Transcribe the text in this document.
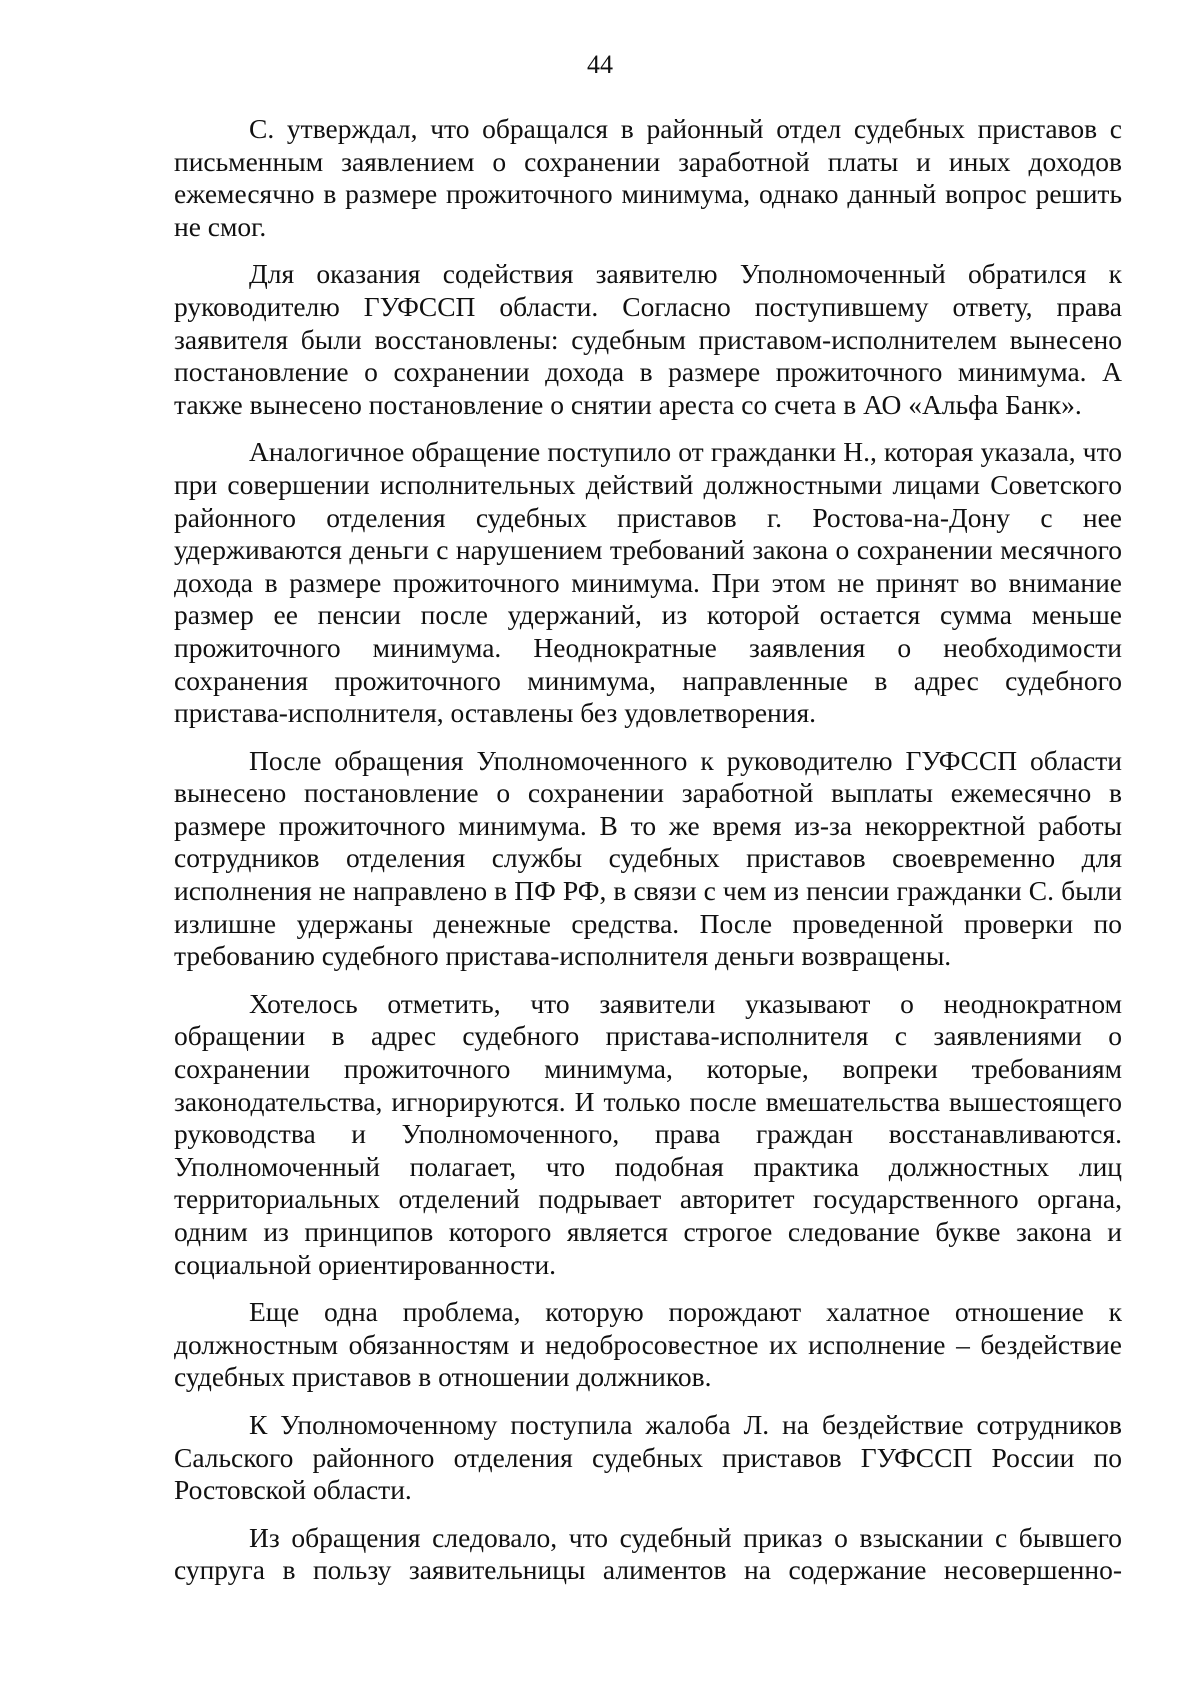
44

С. утверждал, что обращался в районный отдел судебных приставов с письменным заявлением о сохранении заработной платы и иных доходов ежемесячно в размере прожиточного минимума, однако данный вопрос решить не смог.

Для оказания содействия заявителю Уполномоченный обратился к руководителю ГУФССП области. Согласно поступившему ответу, права заявителя были восстановлены: судебным приставом-исполнителем вынесено постановление о сохранении дохода в размере прожиточного минимума. А также вынесено постановление о снятии ареста со счета в АО «Альфа Банк».

Аналогичное обращение поступило от гражданки Н., которая указала, что при совершении исполнительных действий должностными лицами Советского районного отделения судебных приставов г. Ростова-на-Дону с нее удерживаются деньги с нарушением требований закона о сохранении месячного дохода в размере прожиточного минимума. При этом не принят во внимание размер ее пенсии после удержаний, из которой остается сумма меньше прожиточного минимума. Неоднократные заявления о необходимости сохранения прожиточного минимума, направленные в адрес судебного пристава-исполнителя, оставлены без удовлетворения.

После обращения Уполномоченного к руководителю ГУФССП области вынесено постановление о сохранении заработной выплаты ежемесячно в размере прожиточного минимума. В то же время из-за некорректной работы сотрудников отделения службы судебных приставов своевременно для исполнения не направлено в ПФ РФ, в связи с чем из пенсии гражданки С. были излишне удержаны денежные средства. После проведенной проверки по требованию судебного пристава-исполнителя деньги возвращены.

Хотелось отметить, что заявители указывают о неоднократном обращении в адрес судебного пристава-исполнителя с заявлениями о сохранении прожиточного минимума, которые, вопреки требованиям законодательства, игнорируются. И только после вмешательства вышестоящего руководства и Уполномоченного, права граждан восстанавливаются. Уполномоченный полагает, что подобная практика должностных лиц территориальных отделений подрывает авторитет государственного органа, одним из принципов которого является строгое следование букве закона и социальной ориентированности.

Еще одна проблема, которую порождают халатное отношение к должностным обязанностям и недобросовестное их исполнение – бездействие судебных приставов в отношении должников.

К Уполномоченному поступила жалоба Л. на бездействие сотрудников Сальского районного отделения судебных приставов ГУФССП России по Ростовской области.

Из обращения следовало, что судебный приказ о взыскании с бывшего супруга в пользу заявительницы алиментов на содержание несовершенно-
